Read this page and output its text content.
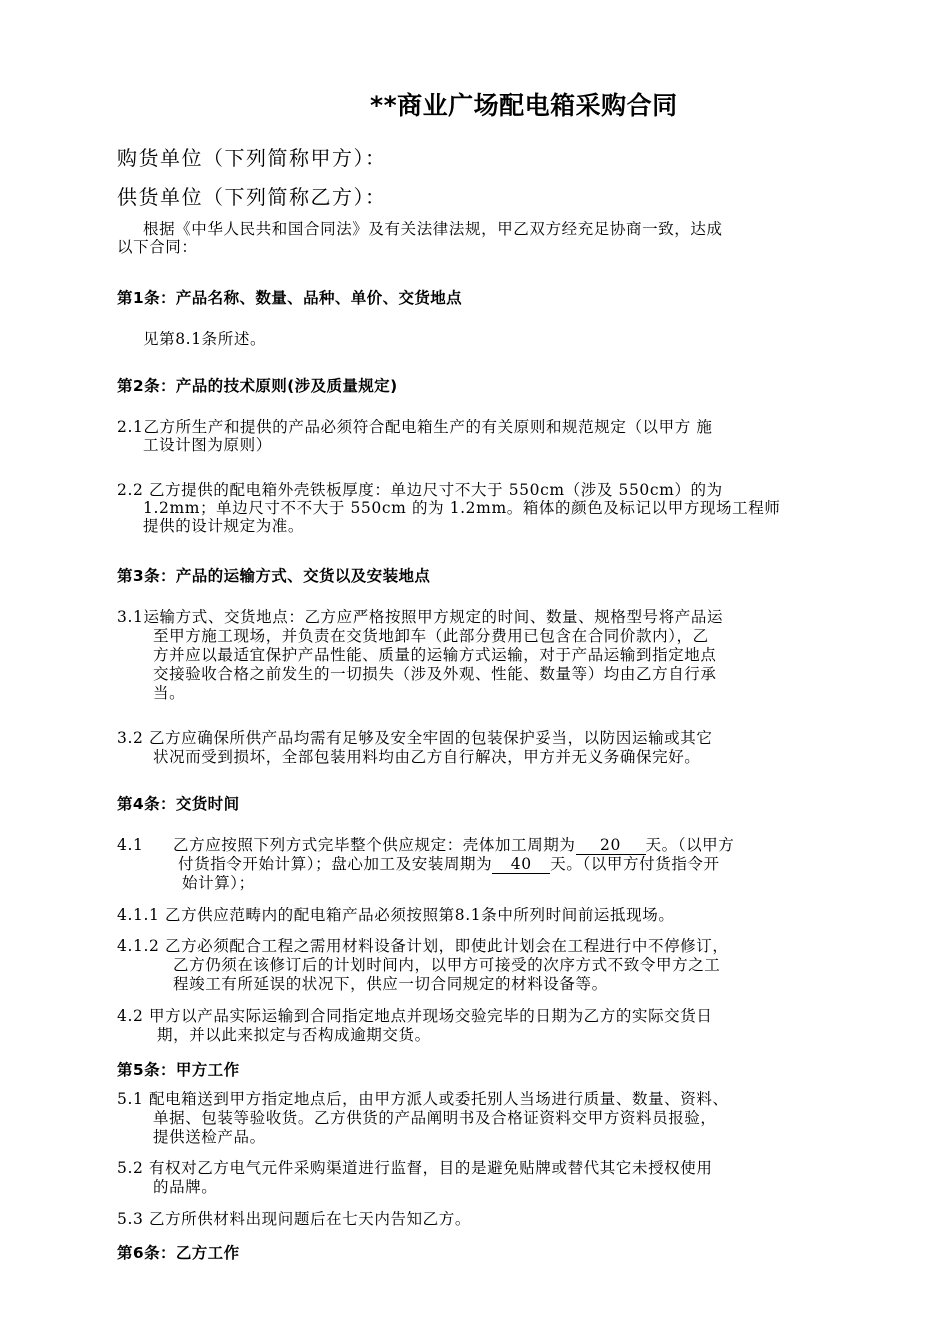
**商业广场配电箱采购合同
购货单位（下列简称甲方）：
供货单位（下列简称乙方）：
根据《中华人民共和国合同法》及有关法律法规，甲乙双方经充足协商一致，达成
以下合同：
第1条：产品名称、数量、品种、单价、交货地点
见第8.1条所述。
第2条：产品的技术原则(涉及质量规定)
2.1乙方所生产和提供的产品必须符合配电箱生产的有关原则和规范规定（以甲方 施
工设计图为原则）
2.2 乙方提供的配电箱外壳铁板厚度：单边尺寸不大于 550cm（涉及 550cm）的为
1.2mm；单边尺寸不不大于 550cm 的为 1.2mm。箱体的颜色及标记以甲方现场工程师
提供的设计规定为准。
第3条：产品的运输方式、交货以及安装地点
3.1运输方式、交货地点：乙方应严格按照甲方规定的时间、数量、规格型号将产品运
至甲方施工现场，并负责在交货地卸车（此部分费用已包含在合同价款内），乙
方并应以最适宜保护产品性能、质量的运输方式运输，对于产品运输到指定地点
交接验收合格之前发生的一切损失（涉及外观、性能、数量等）均由乙方自行承
当。
3.2 乙方应确保所供产品均需有足够及安全牢固的包装保护妥当，以防因运输或其它
状况而受到损坏，全部包装用料均由乙方自行解决，甲方并无义务确保完好。
第4条：交货时间
4.1 乙方应按照下列方式完毕整个供应规定：壳体加工周期为 20 天。（以甲方
付货指令开始计算）；盘心加工及安装周期为 40 天。（以甲方付货指令开
始计算）；
4.1.1 乙方供应范畴内的配电箱产品必须按照第8.1条中所列时间前运抵现场。
4.1.2 乙方必须配合工程之需用材料设备计划，即使此计划会在工程进行中不停修订，
乙方仍须在该修订后的计划时间内，以甲方可接受的次序方式不致令甲方之工
程竣工有所延误的状况下，供应一切合同规定的材料设备等。
4.2 甲方以产品实际运输到合同指定地点并现场交验完毕的日期为乙方的实际交货日
期，并以此来拟定与否构成逾期交货。
第5条：甲方工作
5.1 配电箱送到甲方指定地点后，由甲方派人或委托别人当场进行质量、数量、资料、
单据、包装等验收货。乙方供货的产品阐明书及合格证资料交甲方资料员报验，
提供送检产品。
5.2 有权对乙方电气元件采购渠道进行监督，目的是避免贴牌或替代其它未授权使用
的品牌。
5.3 乙方所供材料出现问题后在七天内告知乙方。
第6条：乙方工作
